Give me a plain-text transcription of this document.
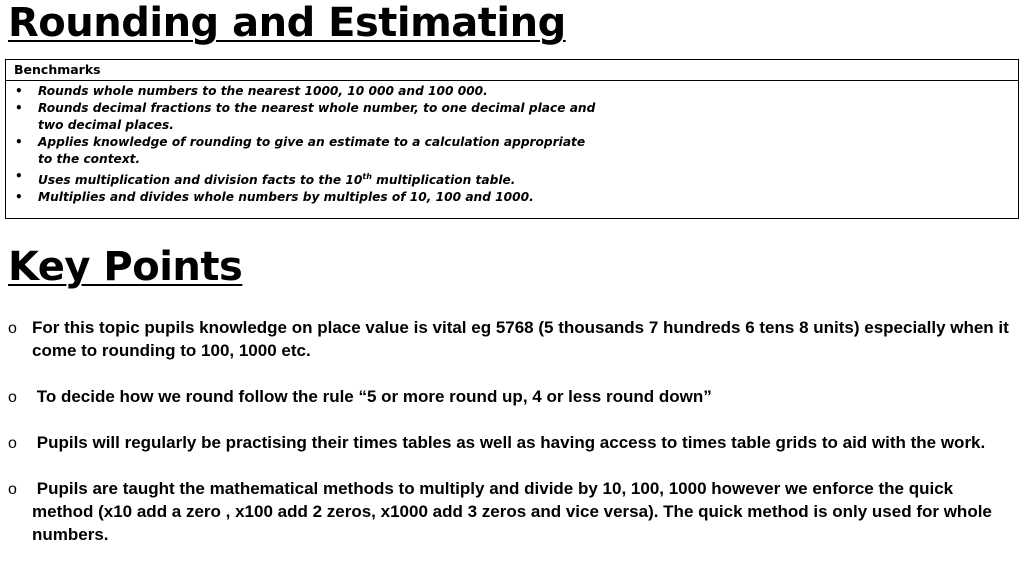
Rounding and Estimating
Benchmarks
• Rounds whole numbers to the nearest 1000, 10 000 and 100 000.
• Rounds decimal fractions to the nearest whole number, to one decimal place and two decimal places.
• Applies knowledge of rounding to give an estimate to a calculation appropriate to the context.
• Uses multiplication and division facts to the 10th multiplication table.
• Multiplies and divides whole numbers by multiples of 10, 100 and 1000.
Key Points
o For this topic pupils knowledge on place value is vital eg 5768 (5 thousands 7 hundreds 6 tens 8 units) especially when it come to rounding to 100, 1000 etc.
o To decide how we round follow the rule “5 or more round up, 4 or less round down”
o Pupils will regularly be practising their times tables as well as having access to times table grids to aid with the work.
o Pupils are taught the mathematical methods to multiply and divide by 10, 100, 1000 however we enforce the quick method (x10 add a zero , x100 add 2 zeros, x1000 add 3 zeros and vice versa). The quick method is only used for whole numbers.
